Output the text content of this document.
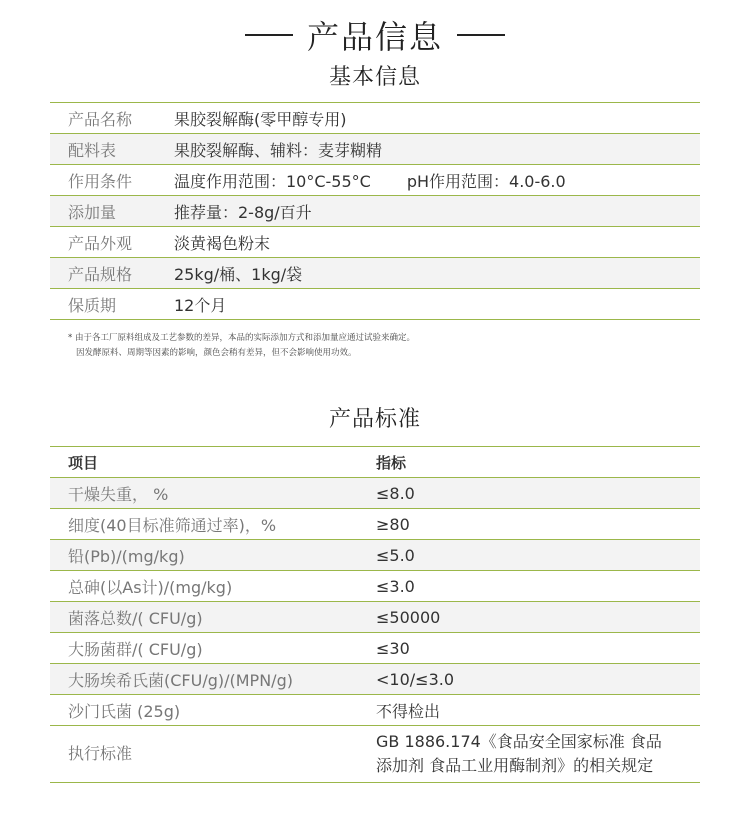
产品信息
基本信息
产品名称	果胶裂解酶(零甲醇专用)
配料表	果胶裂解酶、辅料：麦芽糊精
作用条件	温度作用范围：10°C-55°C pH作用范围：4.0-6.0
添加量	推荐量：2-8g/百升
产品外观	淡黄褐色粉末
产品规格	25kg/桶、1kg/袋
保质期	12个月
* 由于各工厂原料组成及工艺参数的差异，本品的实际添加方式和添加量应通过试验来确定。
因发酵原料、周期等因素的影响，颜色会稍有差异，但不会影响使用功效。
产品标准
项目	指标
干燥失重， %	≤8.0
细度(40目标准筛通过率)，%	≥80
铅(Pb)/(mg/kg)	≤5.0
总砷(以As计)/(mg/kg)	≤3.0
菌落总数/( CFU/g)	≤50000
大肠菌群/( CFU/g)	≤30
大肠埃希氏菌(CFU/g)/(MPN/g)	<10/≤3.0
沙门氏菌 (25g)	不得检出
执行标准	GB 1886.174《食品安全国家标准 食品
添加剂 食品工业用酶制剂》的相关规定
